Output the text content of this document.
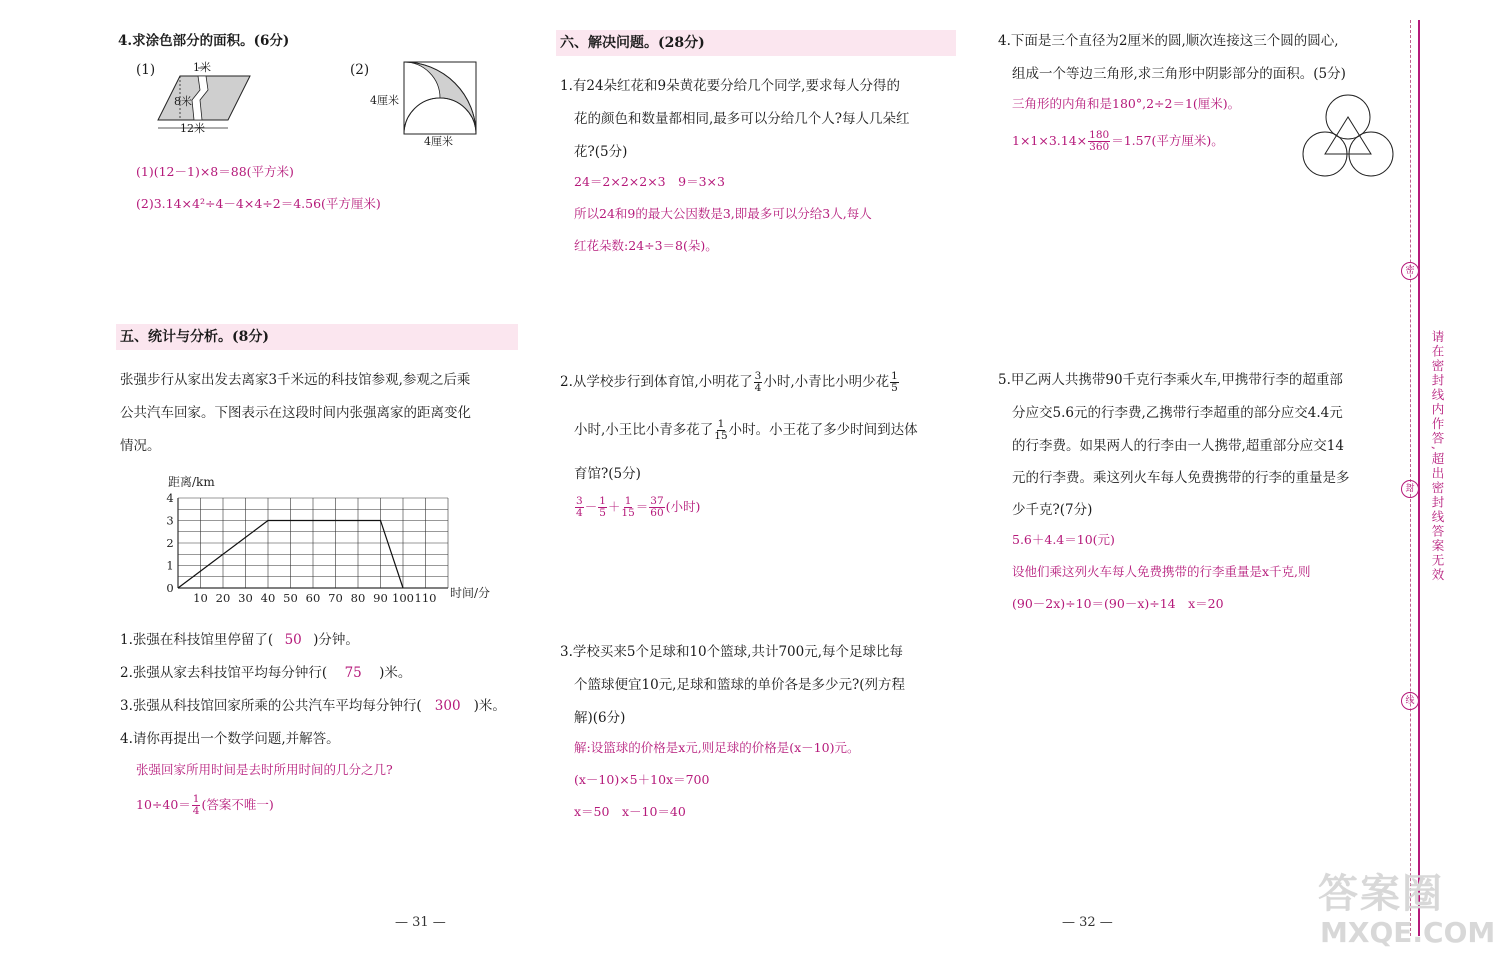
4.求涂色部分的面积。(6分)
(1)	(2)
1米
8米
12米
4厘米
4厘米
(1)(12－1)×8＝88(平方米)
(2)3.14×4²÷4－4×4÷2＝4.56(平方厘米)
五、统计与分析。(8分)
张强步行从家出发去离家3千米远的科技馆参观,参观之后乘
公共汽车回家。下图表示在这段时间内张强离家的距离变化
情况。
10 20 30 40 50 60 70 80 90 100 110
0
1
2
3
4
距离/km
时间/分
1.张强在科技馆里停留了( 50 )分钟。
2.张强从家去科技馆平均每分钟行( 75 )米。
3.张强从科技馆回家所乘的公共汽车平均每分钟行( 300 )米。
4.请你再提出一个数学问题,并解答。
张强回家所用时间是去时所用时间的几分之几?
$10\div 40= \frac{1}{4}$ (答案不唯一)
— 31 —
六、解决问题。(28分)
1.有24朵红花和9朵黄花要分给几个同学,要求每人分得的
花的颜色和数量都相同,最多可以分给几个人?每人几朵红
花?(5分)
24＝2×2×2×3　9＝3×3
所以24和9的最大公因数是3,即最多可以分给3人,每人
红花朵数:24÷3＝8(朵)。
2.从学校步行到体育馆,小明花了 $\frac{3}{4}$ 小时,小青比小明少花 $\frac{1}{5}$
小时,小王比小青多花了 $\frac{1}{15}$ 小时。小王花了多少时间到达体
育馆?(5分)
$\frac{3}{4} - \frac{1}{5} + \frac{1}{15} = \frac{37}{60}$ (小时)
3.学校买来5个足球和10个篮球,共计700元,每个足球比每
个篮球便宜10元,足球和篮球的单价各是多少元?(列方程
解)(6分)
解:设篮球的价格是x元,则足球的价格是(x－10)元。
(x－10)×5＋10x＝700
x＝50　x－10＝40
4.下面是三个直径为2厘米的圆,顺次连接这三个圆的圆心,
组成一个等边三角形,求三角形中阴影部分的面积。(5分)
三角形的内角和是180°,2÷2＝1(厘米)。
$1\times 1\times 3.14\times \frac{180}{360} =1.57$(平方厘米)。
5.甲乙两人共携带90千克行李乘火车,甲携带行李的超重部
分应交5.6元的行李费,乙携带行李超重的部分应交4.4元
的行李费。如果两人的行李由一人携带,超重部分应交14
元的行李费。乘这列火车每人免费携带的行李的重量是多
少千克?(7分)
5.6＋4.4＝10(元)
设他们乘这列火车每人免费携带的行李重量是x千克,则
(90－2x)÷10＝(90－x)÷14　x＝20
— 32 —
密
封
线
请在密封线内作答,超出密封线答案无效
答案圈
MXQE.COM
